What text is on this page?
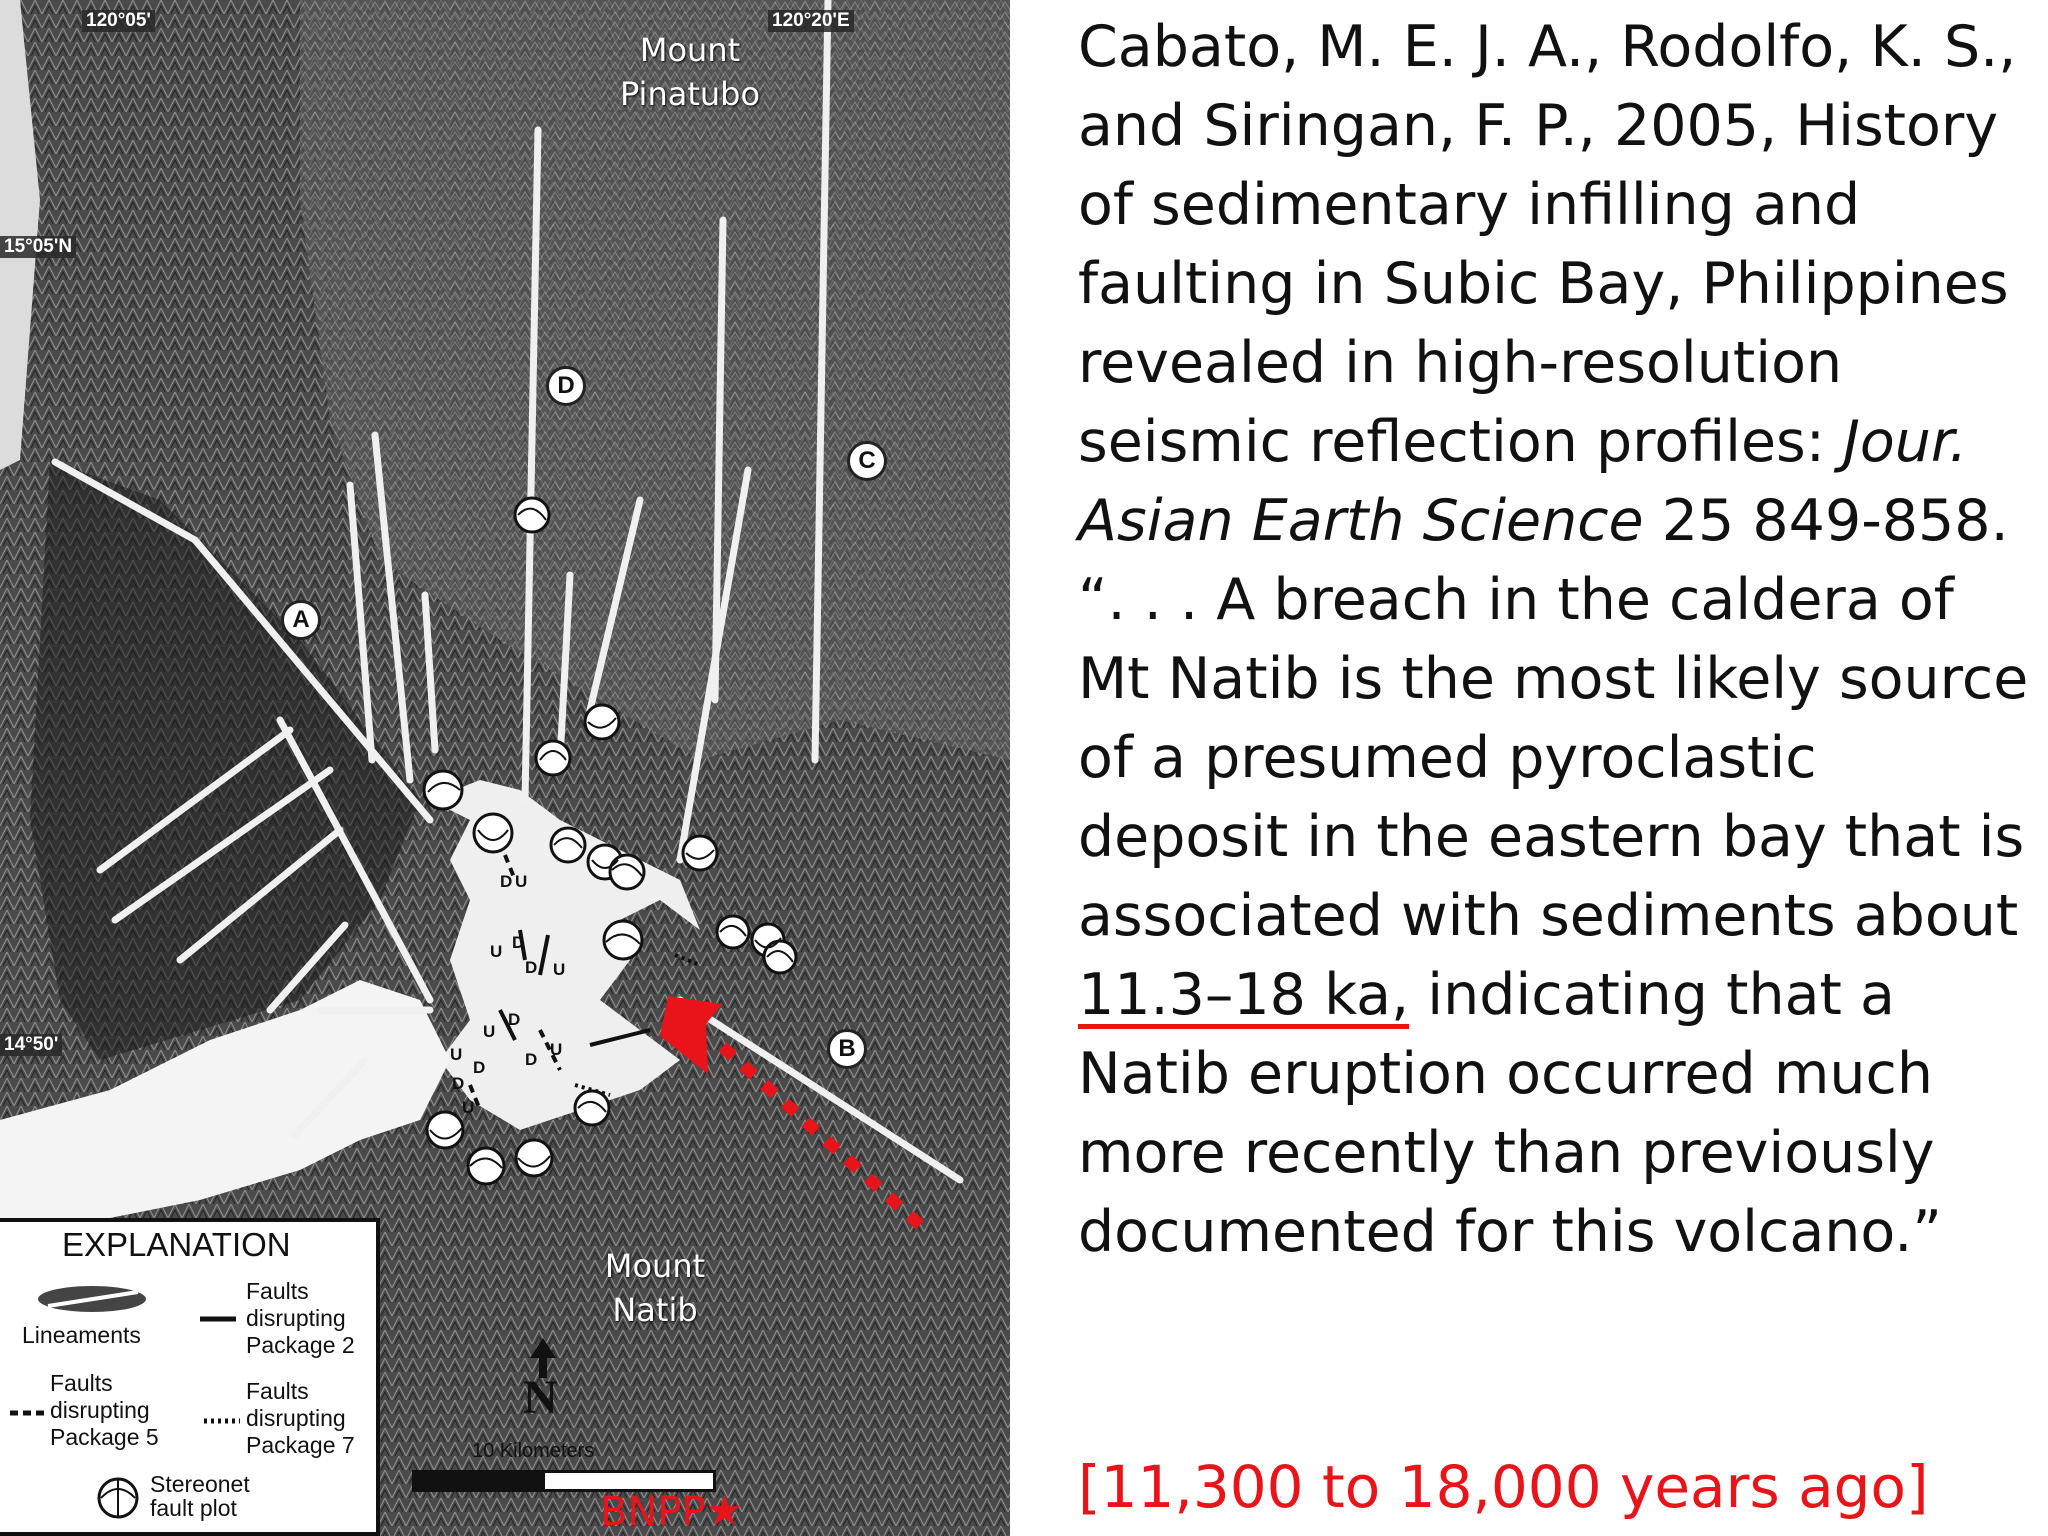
120°05'	120°20'E
15°05'N
14°50'
Mount
Pinatubo
Mount
Natib
A
B
C
D
D U
U D
D U
U
D
D
U
U
D
D
U
EXPLANATION
Lineaments
Faults
disrupting
Package 2
Faults
disrupting
Package 5
Faults
disrupting
Package 7
Stereonet
fault plot
N
10 Kilometers
BNPP★

Cabato, M. E. J. A., Rodolfo, K. S., and Siringan, F. P., 2005, History of sedimentary infilling and faulting in Subic Bay, Philippines revealed in high-resolution seismic reflection profiles: Jour. Asian Earth Science 25 849-858.

“. . . A breach in the caldera of Mt Natib is the most likely source of a presumed pyroclastic deposit in the eastern bay that is associated with sediments about 11.3–18 ka, indicating that a Natib eruption occurred much more recently than previously documented for this volcano.”

[11,300 to 18,000 years ago]
